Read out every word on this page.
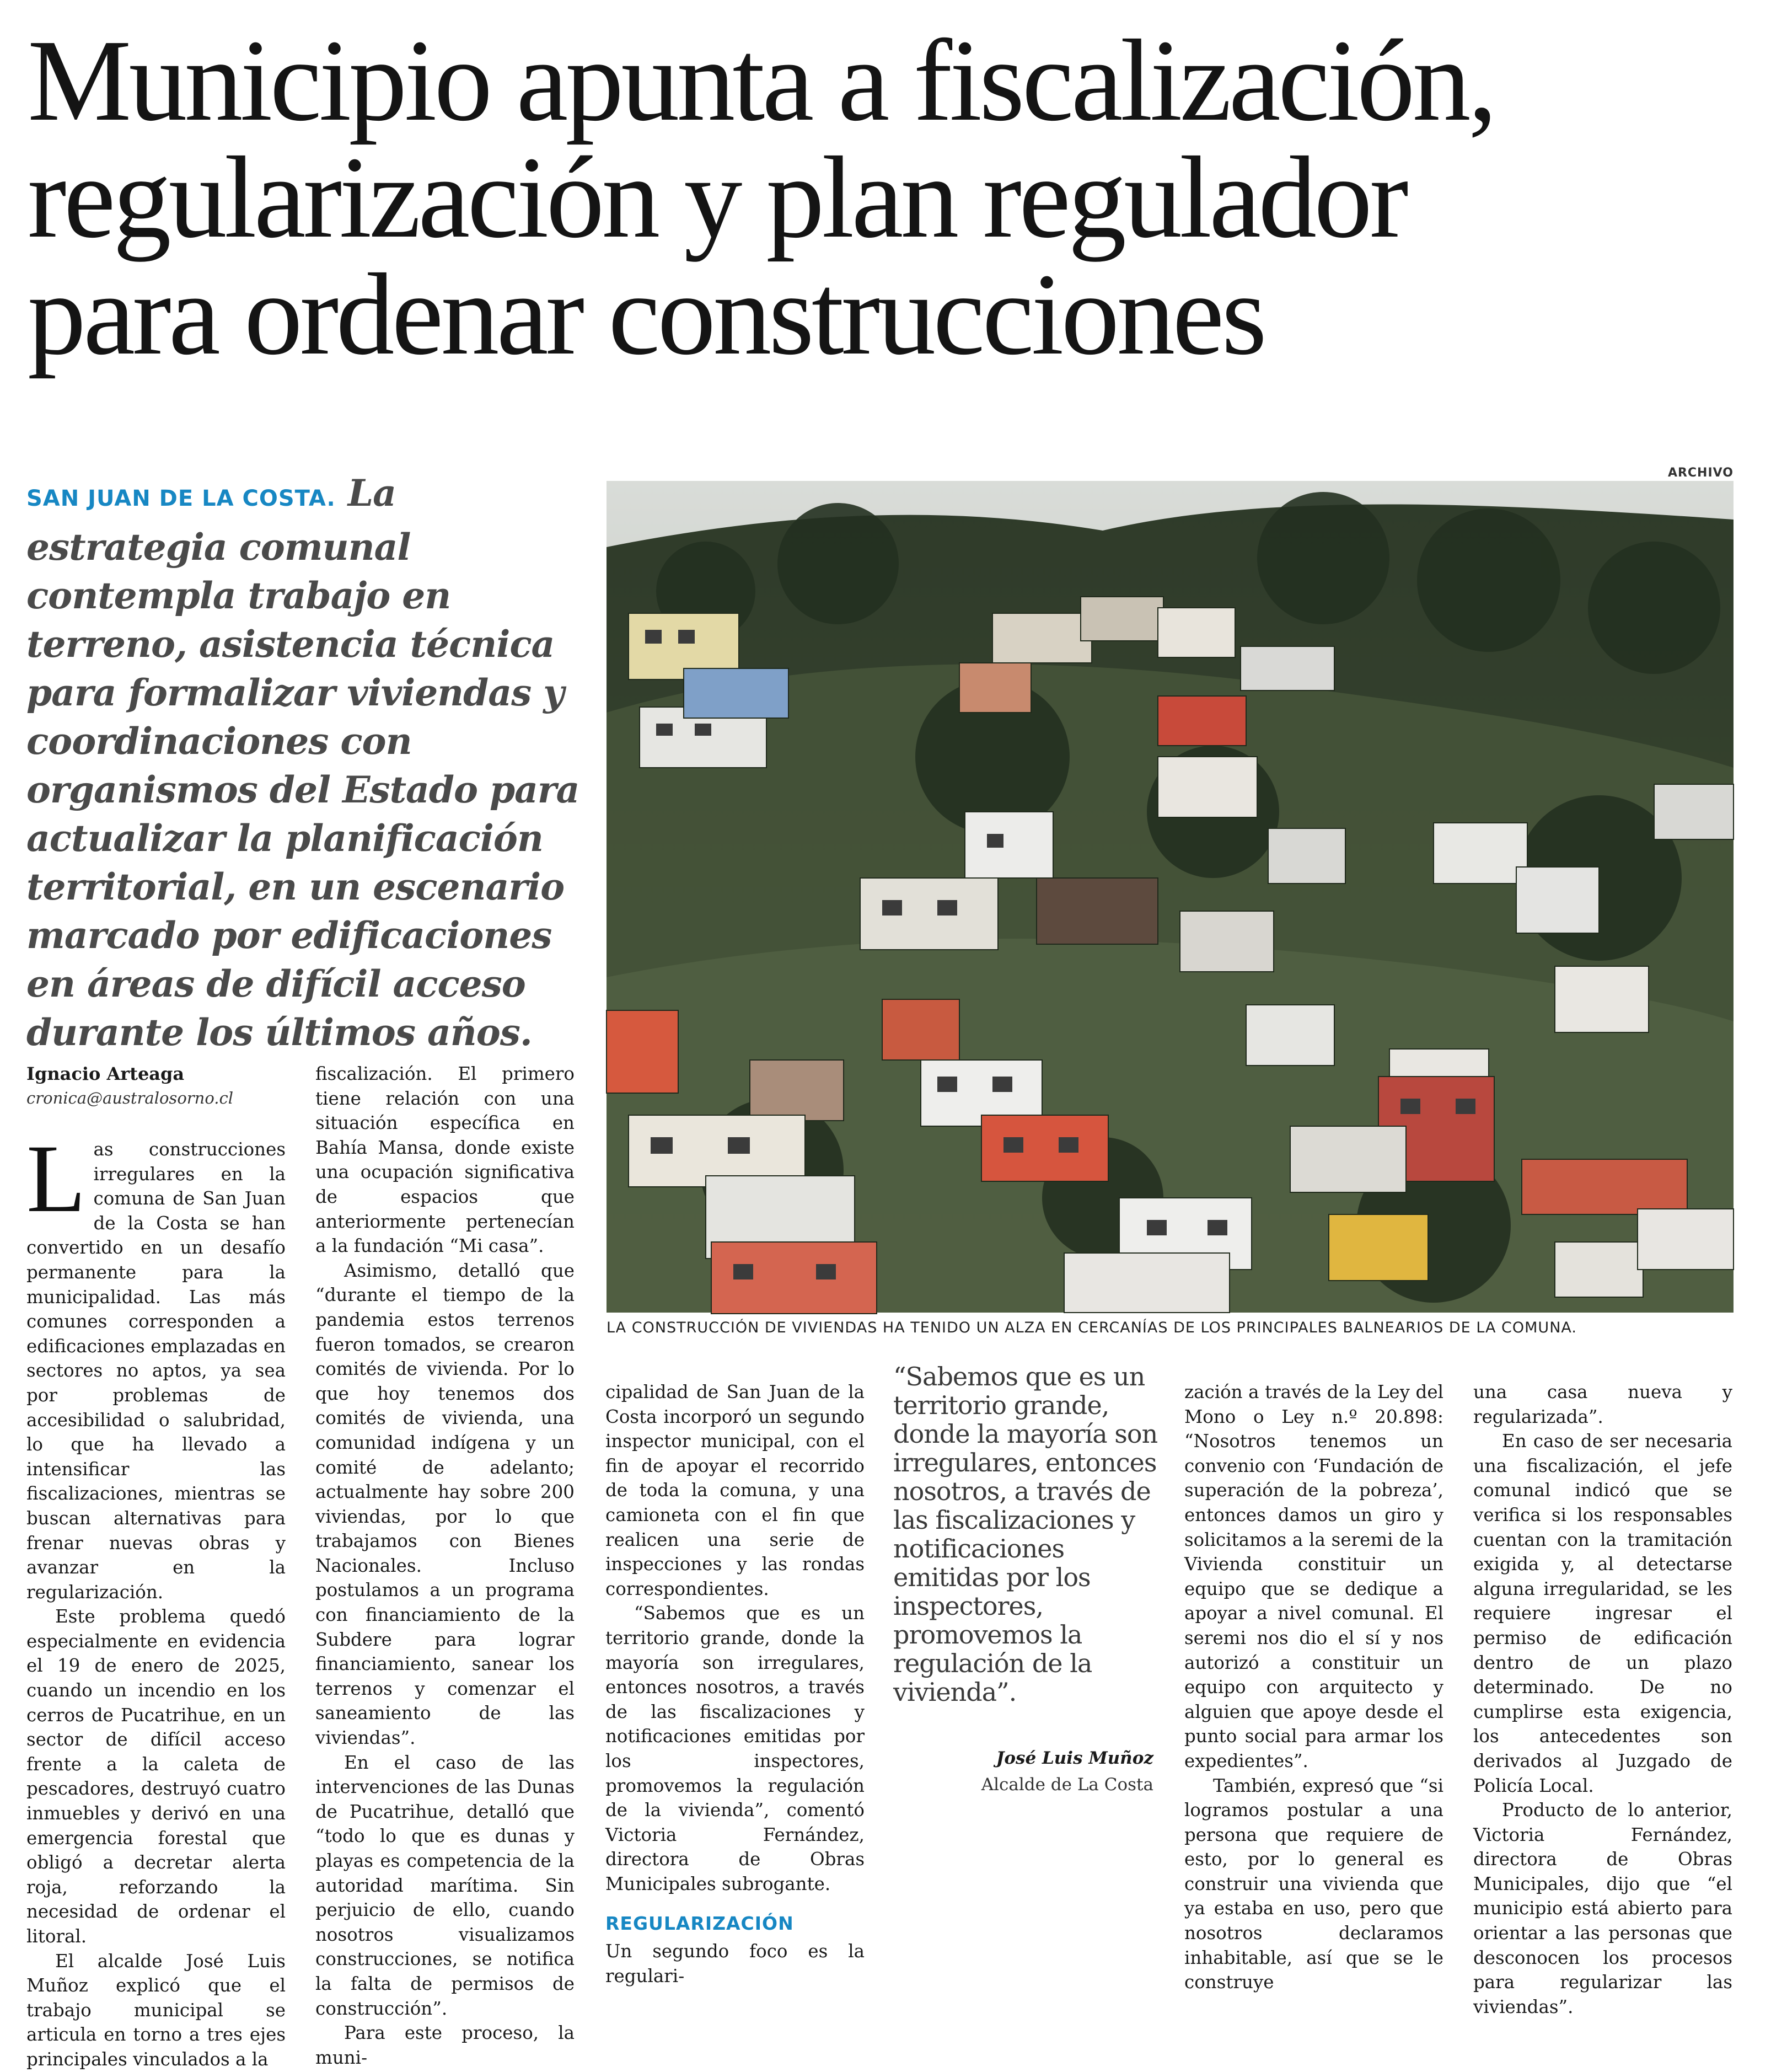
Municipio apunta a fiscalización,
regularización y plan regulador
para ordenar construcciones

SAN JUAN DE LA COSTA. La estrategia comunal contempla trabajo en terreno, asistencia técnica para formalizar viviendas y coordinaciones con organismos del Estado para actualizar la planificación territorial, en un escenario marcado por edificaciones en áreas de difícil acceso durante los últimos años.

ARCHIVO
LA CONSTRUCCIÓN DE VIVIENDAS HA TENIDO UN ALZA EN CERCANÍAS DE LOS PRINCIPALES BALNEARIOS DE LA COMUNA.
Ignacio Arteaga
cronica@australosorno.cl

Las construcciones irregulares en la comuna de San Juan de la Costa se han convertido en un desafío permanente para la municipalidad. Las más comunes corresponden a edificaciones emplazadas en sectores no aptos, ya sea por problemas de accesibilidad o salubridad, lo que ha llevado a intensificar las fiscalizaciones, mientras se buscan alternativas para frenar nuevas obras y avanzar en la regularización.

Este problema quedó especialmente en evidencia el 19 de enero de 2025, cuando un incendio en los cerros de Pucatrihue, en un sector de difícil acceso frente a la caleta de pescadores, destruyó cuatro inmuebles y derivó en una emergencia forestal que obligó a decretar alerta roja, reforzando la necesidad de ordenar el litoral.

El alcalde José Luis Muñoz explicó que el trabajo municipal se articula en torno a tres ejes principales vinculados a la

fiscalización. El primero tiene relación con una situación específica en Bahía Mansa, donde existe una ocupación significativa de espacios que anteriormente pertenecían a la fundación “Mi casa”.

Asimismo, detalló que “durante el tiempo de la pandemia estos terrenos fueron tomados, se crearon comités de vivienda. Por lo que hoy tenemos dos comités de vivienda, una comunidad indígena y un comité de adelanto; actualmente hay sobre 200 viviendas, por lo que trabajamos con Bienes Nacionales. Incluso postulamos a un programa con financiamiento de la Subdere para lograr financiamiento, sanear los terrenos y comenzar el saneamiento de las viviendas”.

En el caso de las intervenciones de las Dunas de Pucatrihue, detalló que “todo lo que es dunas y playas es competencia de la autoridad marítima. Sin perjuicio de ello, cuando nosotros visualizamos construcciones, se notifica la falta de permisos de construcción”.

Para este proceso, la muni-

cipalidad de San Juan de la Costa incorporó un segundo inspector municipal, con el fin de apoyar el recorrido de toda la comuna, y una camioneta con el fin que realicen una serie de inspecciones y las rondas correspondientes.

“Sabemos que es un territorio grande, donde la mayoría son irregulares, entonces nosotros, a través de las fiscalizaciones y notificaciones emitidas por los inspectores, promovemos la regulación de la vivienda”, comentó Victoria Fernández, directora de Obras Municipales subrogante.

REGULARIZACIÓN

Un segundo foco es la regulari-

“Sabemos que es un territorio grande, donde la mayoría son irregulares, entonces nosotros, a través de las fiscalizaciones y notificaciones emitidas por los inspectores, promovemos la regulación de la vivienda”.

José Luis Muñoz
Alcalde de La Costa

zación a través de la Ley del Mono o Ley n.º 20.898: “Nosotros tenemos un convenio con ‘Fundación de superación de la pobreza’, entonces damos un giro y solicitamos a la seremi de la Vivienda constituir un equipo que se dedique a apoyar a nivel comunal. El seremi nos dio el sí y nos autorizó a constituir un equipo con arquitecto y alguien que apoye desde el punto social para armar los expedientes”.

También, expresó que “si logramos postular a una persona que requiere de esto, por lo general es construir una vivienda que ya estaba en uso, pero que nosotros declaramos inhabitable, así que se le construye

una casa nueva y regularizada”.

En caso de ser necesaria una fiscalización, el jefe comunal indicó que se verifica si los responsables cuentan con la tramitación exigida y, al detectarse alguna irregularidad, se les requiere ingresar el permiso de edificación dentro de un plazo determinado. De no cumplirse esta exigencia, los antecedentes son derivados al Juzgado de Policía Local.

Producto de lo anterior, Victoria Fernández, directora de Obras Municipales, dijo que “el municipio está abierto para orientar a las personas que desconocen los procesos para regularizar las viviendas”.
